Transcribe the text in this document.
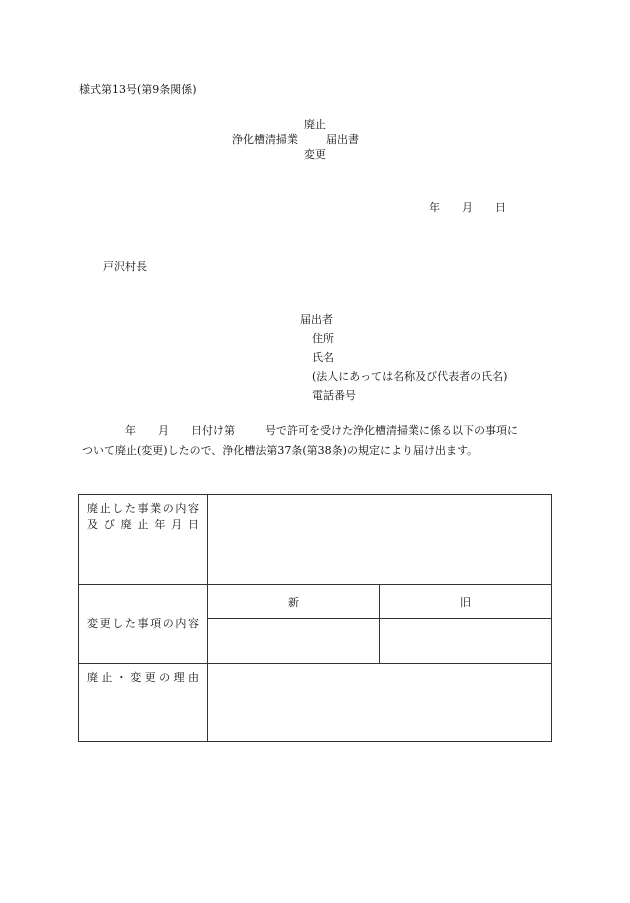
様式第13号(第9条関係)
廃止
浄化槽清掃業	届出書
変更
年 月 日
戸沢村長
届出者
住所
氏名
(法人にあっては名称及び代表者の氏名)
電話番号
年 月 日付け第	号で許可を受けた浄化槽清掃業に係る以下の事項に
ついて廃止(変更)したので、浄化槽法第37条(第38条)の規定により届け出ます。
廃止した事業の内容
及び廃止年月日		

変更した事項の内容	新	旧

廃止・変更の理由		
